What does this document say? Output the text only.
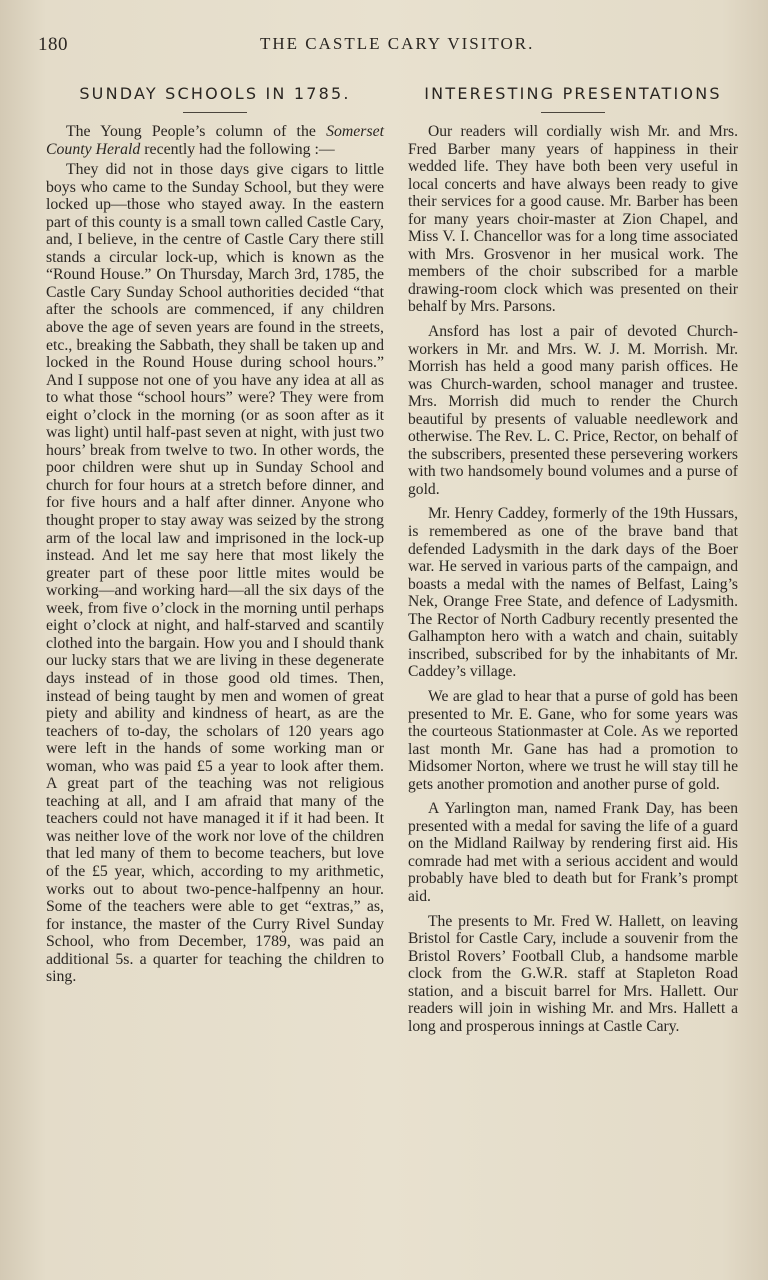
180	THE CASTLE CARY VISITOR.
SUNDAY SCHOOLS IN 1785.

The Young People’s column of the Somerset County Herald recently had the following :—

They did not in those days give cigars to little boys who came to the Sunday School, but they were locked up—those who stayed away. In the eastern part of this county is a small town called Castle Cary, and, I believe, in the centre of Castle Cary there still stands a circular lock-up, which is known as the “Round House.” On Thursday, March 3rd, 1785, the Castle Cary Sunday School authorities decided “that after the schools are commenced, if any children above the age of seven years are found in the streets, etc., breaking the Sabbath, they shall be taken up and locked in the Round House during school hours.” And I suppose not one of you have any idea at all as to what those “school hours” were? They were from eight o’clock in the morning (or as soon after as it was light) until half-past seven at night, with just two hours’ break from twelve to two. In other words, the poor children were shut up in Sunday School and church for four hours at a stretch before dinner, and for five hours and a half after dinner. Anyone who thought proper to stay away was seized by the strong arm of the local law and imprisoned in the lock-up instead. And let me say here that most likely the greater part of these poor little mites would be working—and working hard—all the six days of the week, from five o’clock in the morning until perhaps eight o’clock at night, and half-starved and scantily clothed into the bargain. How you and I should thank our lucky stars that we are living in these degenerate days instead of in those good old times. Then, instead of being taught by men and women of great piety and ability and kindness of heart, as are the teachers of to-day, the scholars of 120 years ago were left in the hands of some working man or woman, who was paid £5 a year to look after them. A great part of the teaching was not religious teaching at all, and I am afraid that many of the teachers could not have managed it if it had been. It was neither love of the work nor love of the children that led many of them to become teachers, but love of the £5 year, which, according to my arithmetic, works out to about two-pence-halfpenny an hour. Some of the teachers were able to get “extras,” as, for instance, the master of the Curry Rivel Sunday School, who from December, 1789, was paid an additional 5s. a quarter for teaching the children to sing.

INTERESTING PRESENTATIONS

Our readers will cordially wish Mr. and Mrs. Fred Barber many years of happiness in their wedded life. They have both been very useful in local concerts and have always been ready to give their services for a good cause. Mr. Barber has been for many years choir-master at Zion Chapel, and Miss V. I. Chancellor was for a long time associated with Mrs. Grosvenor in her musical work. The members of the choir subscribed for a marble drawing-room clock which was presented on their behalf by Mrs. Parsons.

Ansford has lost a pair of devoted Church-workers in Mr. and Mrs. W. J. M. Morrish. Mr. Morrish has held a good many parish offices. He was Church-warden, school manager and trustee. Mrs. Morrish did much to render the Church beautiful by presents of valuable needlework and otherwise. The Rev. L. C. Price, Rector, on behalf of the subscribers, presented these persevering workers with two handsomely bound volumes and a purse of gold.

Mr. Henry Caddey, formerly of the 19th Hussars, is remembered as one of the brave band that defended Ladysmith in the dark days of the Boer war. He served in various parts of the campaign, and boasts a medal with the names of Belfast, Laing’s Nek, Orange Free State, and defence of Ladysmith. The Rector of North Cadbury recently presented the Galhampton hero with a watch and chain, suitably inscribed, subscribed for by the inhabitants of Mr. Caddey’s village.

We are glad to hear that a purse of gold has been presented to Mr. E. Gane, who for some years was the courteous Stationmaster at Cole. As we reported last month Mr. Gane has had a promotion to Midsomer Norton, where we trust he will stay till he gets another promotion and another purse of gold.

A Yarlington man, named Frank Day, has been presented with a medal for saving the life of a guard on the Midland Railway by rendering first aid. His comrade had met with a serious accident and would probably have bled to death but for Frank’s prompt aid.

The presents to Mr. Fred W. Hallett, on leaving Bristol for Castle Cary, include a souvenir from the Bristol Rovers’ Football Club, a handsome marble clock from the G.W.R. staff at Stapleton Road station, and a biscuit barrel for Mrs. Hallett. Our readers will join in wishing Mr. and Mrs. Hallett a long and prosperous innings at Castle Cary.
